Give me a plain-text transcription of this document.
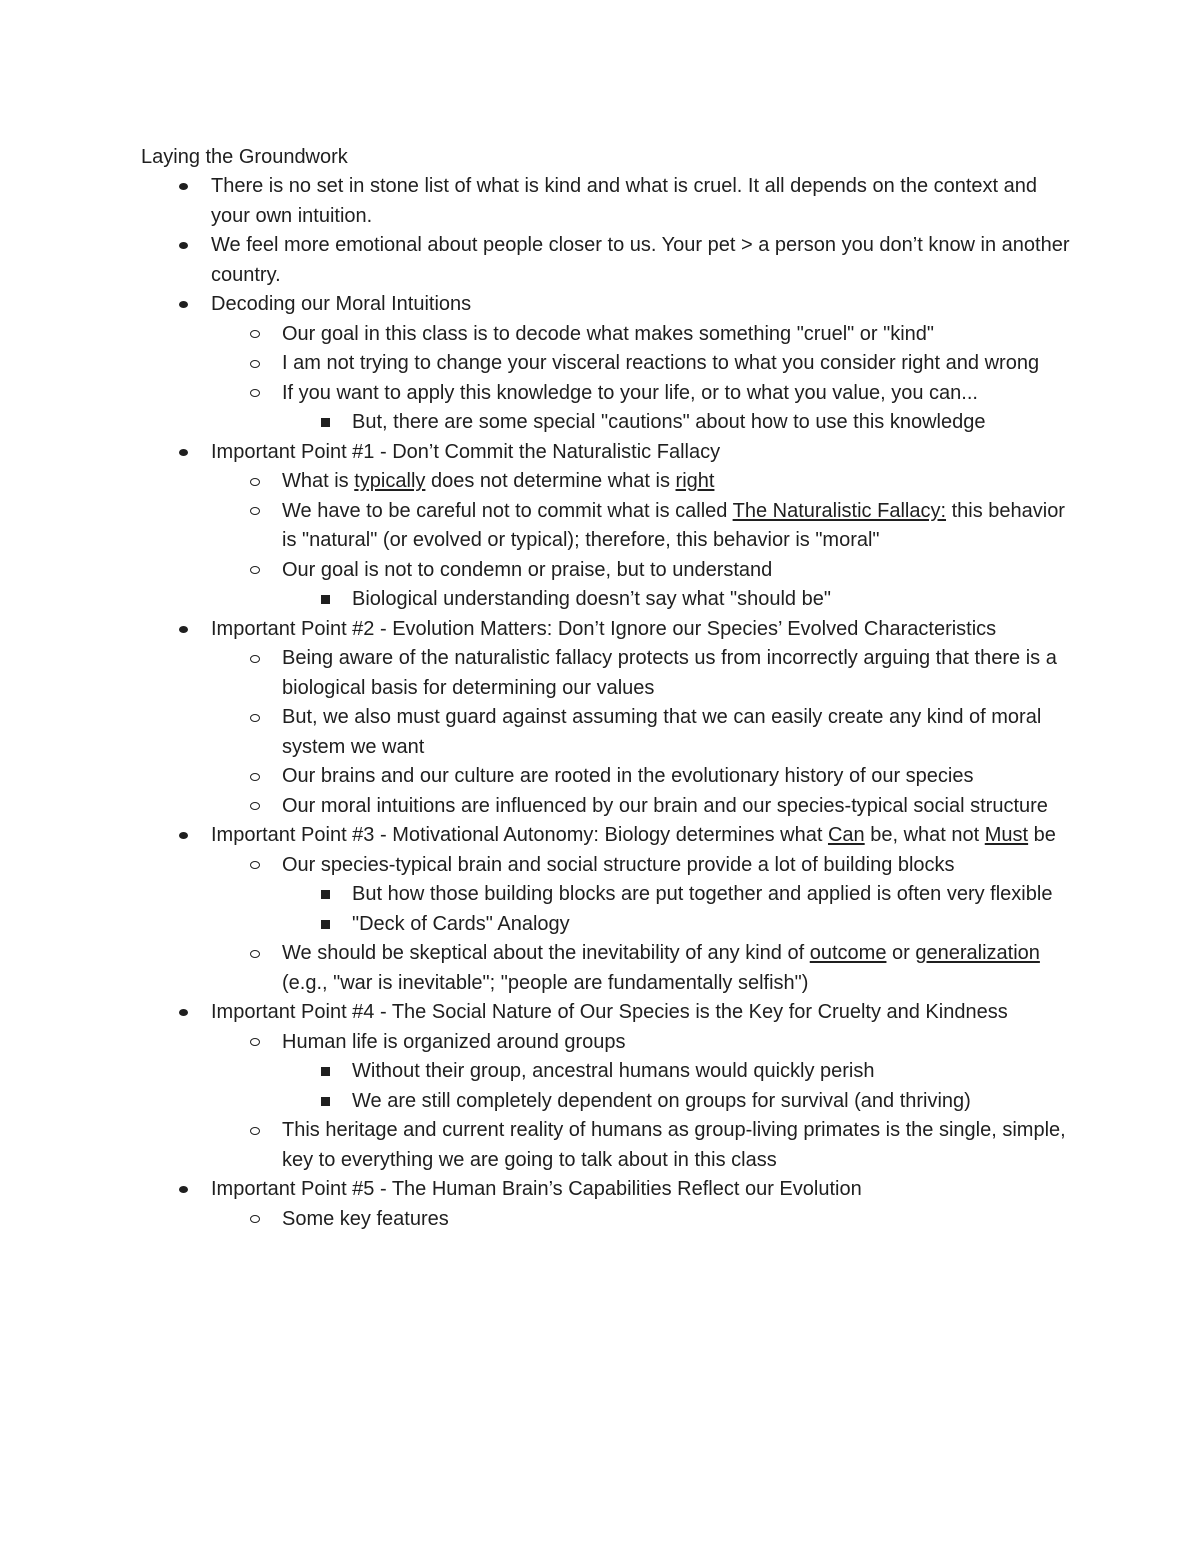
Laying the Groundwork
There is no set in stone list of what is kind and what is cruel. It all depends on the context and your own intuition.
We feel more emotional about people closer to us. Your pet > a person you don’t know in another country.
Decoding our Moral Intuitions
Our goal in this class is to decode what makes something "cruel" or "kind"
I am not trying to change your visceral reactions to what you consider right and wrong
If you want to apply this knowledge to your life, or to what you value, you can...
But, there are some special "cautions" about how to use this knowledge
Important Point #1 - Don’t Commit the Naturalistic Fallacy
What is typically does not determine what is right
We have to be careful not to commit what is called The Naturalistic Fallacy: this behavior is "natural" (or evolved or typical); therefore, this behavior is "moral"
Our goal is not to condemn or praise, but to understand
Biological understanding doesn’t say what "should be"
Important Point #2 - Evolution Matters: Don’t Ignore our Species’ Evolved Characteristics
Being aware of the naturalistic fallacy protects us from incorrectly arguing that there is a biological basis for determining our values
But, we also must guard against assuming that we can easily create any kind of moral system we want
Our brains and our culture are rooted in the evolutionary history of our species
Our moral intuitions are influenced by our brain and our species-typical social structure
Important Point #3 - Motivational Autonomy: Biology determines what Can be, what not Must be
Our species-typical brain and social structure provide a lot of building blocks
But how those building blocks are put together and applied is often very flexible
"Deck of Cards" Analogy
We should be skeptical about the inevitability of any kind of outcome or generalization (e.g., "war is inevitable"; "people are fundamentally selfish")
Important Point #4 - The Social Nature of Our Species is the Key for Cruelty and Kindness
Human life is organized around groups
Without their group, ancestral humans would quickly perish
We are still completely dependent on groups for survival (and thriving)
This heritage and current reality of humans as group-living primates is the single, simple, key to everything we are going to talk about in this class
Important Point #5 - The Human Brain’s Capabilities Reflect our Evolution
Some key features
